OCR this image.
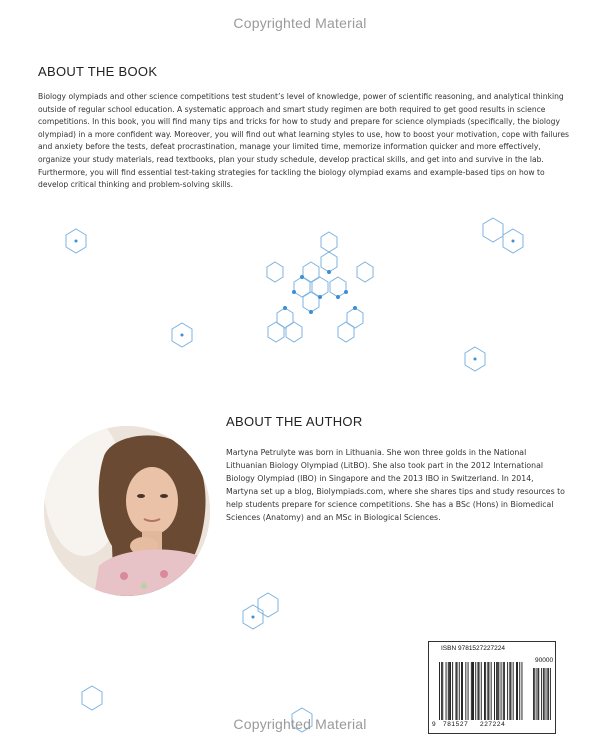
Copyrighted Material
ABOUT THE BOOK
Biology olympiads and other science competitions test student’s level of knowledge, power of scientific reasoning, and analytical thinking outside of regular school education. A systematic approach and smart study regimen are both required to get good results in science competitions. In this book, you will find many tips and tricks for how to study and prepare for science olympiads (specifically, the biology olympiad) in a more confident way. Moreover, you will find out what learning styles to use, how to boost your motivation, cope with failures and anxiety before the tests, defeat procrastination, manage your limited time, memorize information quicker and more effectively, organize your study materials, read textbooks, plan your study schedule, develop practical skills, and get into and survive in the lab. Furthermore, you will find essential test-taking strategies for tackling the biology olympiad exams and example-based tips on how to develop critical thinking and problem-solving skills.
ABOUT THE AUTHOR
Martyna Petrulyte was born in Lithuania. She won three golds in the National Lithuanian Biology Olympiad (LitBO). She also took part in the 2012 International Biology Olympiad (IBO) in Singapore and the 2013 IBO in Switzerland. In 2014, Martyna set up a blog, Biolympiads.com, where she shares tips and study resources to help students prepare for science competitions. She has a BSc (Hons) in Biomedical Sciences (Anatomy) and an MSc in Biological Sciences.
ISBN 9781527227224
90000
9 781527 227224
Copyrighted Material
